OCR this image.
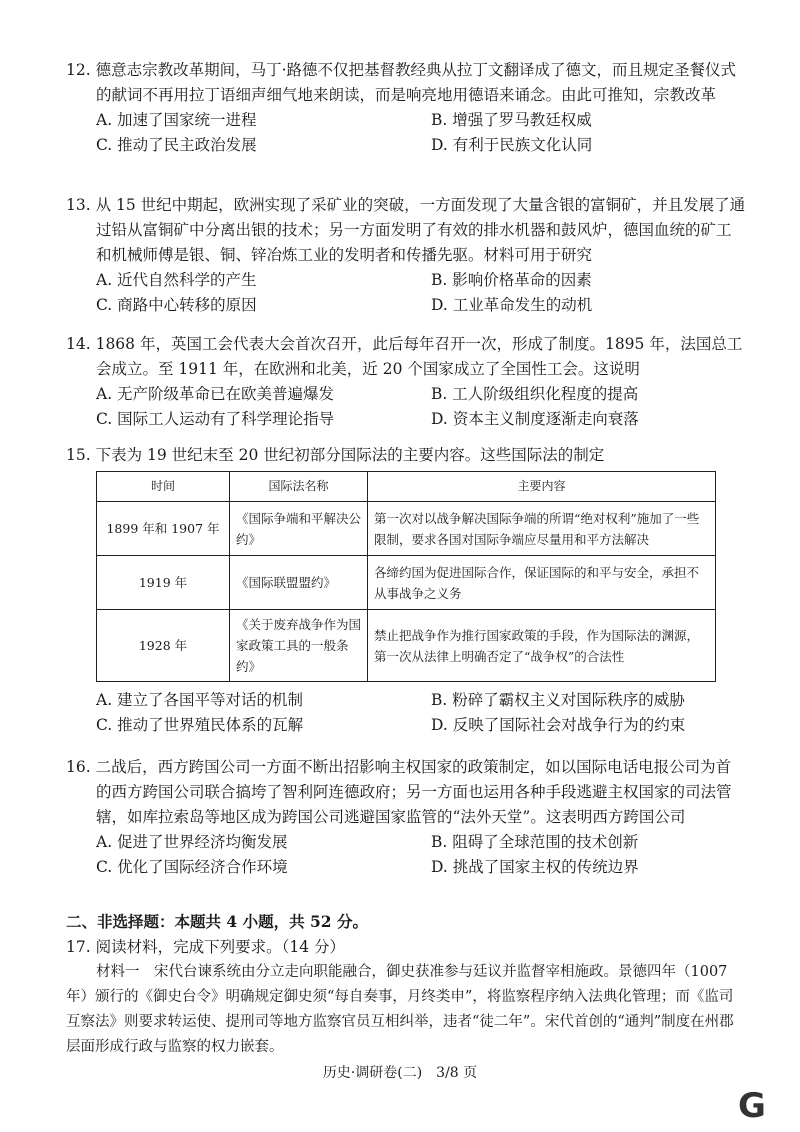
12. 德意志宗教改革期间，马丁·路德不仅把基督教经典从拉丁文翻译成了德文，而且规定圣餐仪式的献词不再用拉丁语细声细气地来朗读，而是响亮地用德语来诵念。由此可推知，宗教改革
A. 加速了国家统一进程	B. 增强了罗马教廷权威
C. 推动了民主政治发展	D. 有利于民族文化认同
13. 从 15 世纪中期起，欧洲实现了采矿业的突破，一方面发现了大量含银的富铜矿，并且发展了通过铅从富铜矿中分离出银的技术；另一方面发明了有效的排水机器和鼓风炉，德国血统的矿工和机械师傅是银、铜、锌冶炼工业的发明者和传播先驱。材料可用于研究
A. 近代自然科学的产生	B. 影响价格革命的因素
C. 商路中心转移的原因	D. 工业革命发生的动机
14. 1868 年，英国工会代表大会首次召开，此后每年召开一次，形成了制度。1895 年，法国总工会成立。至 1911 年，在欧洲和北美，近 20 个国家成立了全国性工会。这说明
A. 无产阶级革命已在欧美普遍爆发	B. 工人阶级组织化程度的提高
C. 国际工人运动有了科学理论指导	D. 资本主义制度逐渐走向衰落
15. 下表为 19 世纪末至 20 世纪初部分国际法的主要内容。这些国际法的制定
时间	国际法名称	主要内容
1899 年和 1907 年	《国际争端和平解决公约》	第一次对以战争解决国际争端的所谓“绝对权利”施加了一些限制，要求各国对国际争端应尽量用和平方法解决
1919 年	《国际联盟盟约》	各缔约国为促进国际合作，保证国际的和平与安全，承担不从事战争之义务
1928 年	《关于废弃战争作为国家政策工具的一般条约》	禁止把战争作为推行国家政策的手段，作为国际法的渊源，第一次从法律上明确否定了“战争权”的合法性
A. 建立了各国平等对话的机制	B. 粉碎了霸权主义对国际秩序的威胁
C. 推动了世界殖民体系的瓦解	D. 反映了国际社会对战争行为的约束
16. 二战后，西方跨国公司一方面不断出招影响主权国家的政策制定，如以国际电话电报公司为首的西方跨国公司联合搞垮了智利阿连德政府；另一方面也运用各种手段逃避主权国家的司法管辖，如库拉索岛等地区成为跨国公司逃避国家监管的“法外天堂”。这表明西方跨国公司
A. 促进了世界经济均衡发展	B. 阻碍了全球范围的技术创新
C. 优化了国际经济合作环境	D. 挑战了国家主权的传统边界
二、非选择题：本题共 4 小题，共 52 分。
17. 阅读材料，完成下列要求。（14 分）
材料一　宋代台谏系统由分立走向职能融合，御史获准参与廷议并监督宰相施政。景德四年（1007 年）颁行的《御史台令》明确规定御史须“每自奏事，月终类申”，将监察程序纳入法典化管理；而《监司互察法》则要求转运使、提刑司等地方监察官员互相纠举，违者“徒二年”。宋代首创的“通判”制度在州郡层面形成行政与监察的权力嵌套。
历史·调研卷(二)　3/8 页
G
